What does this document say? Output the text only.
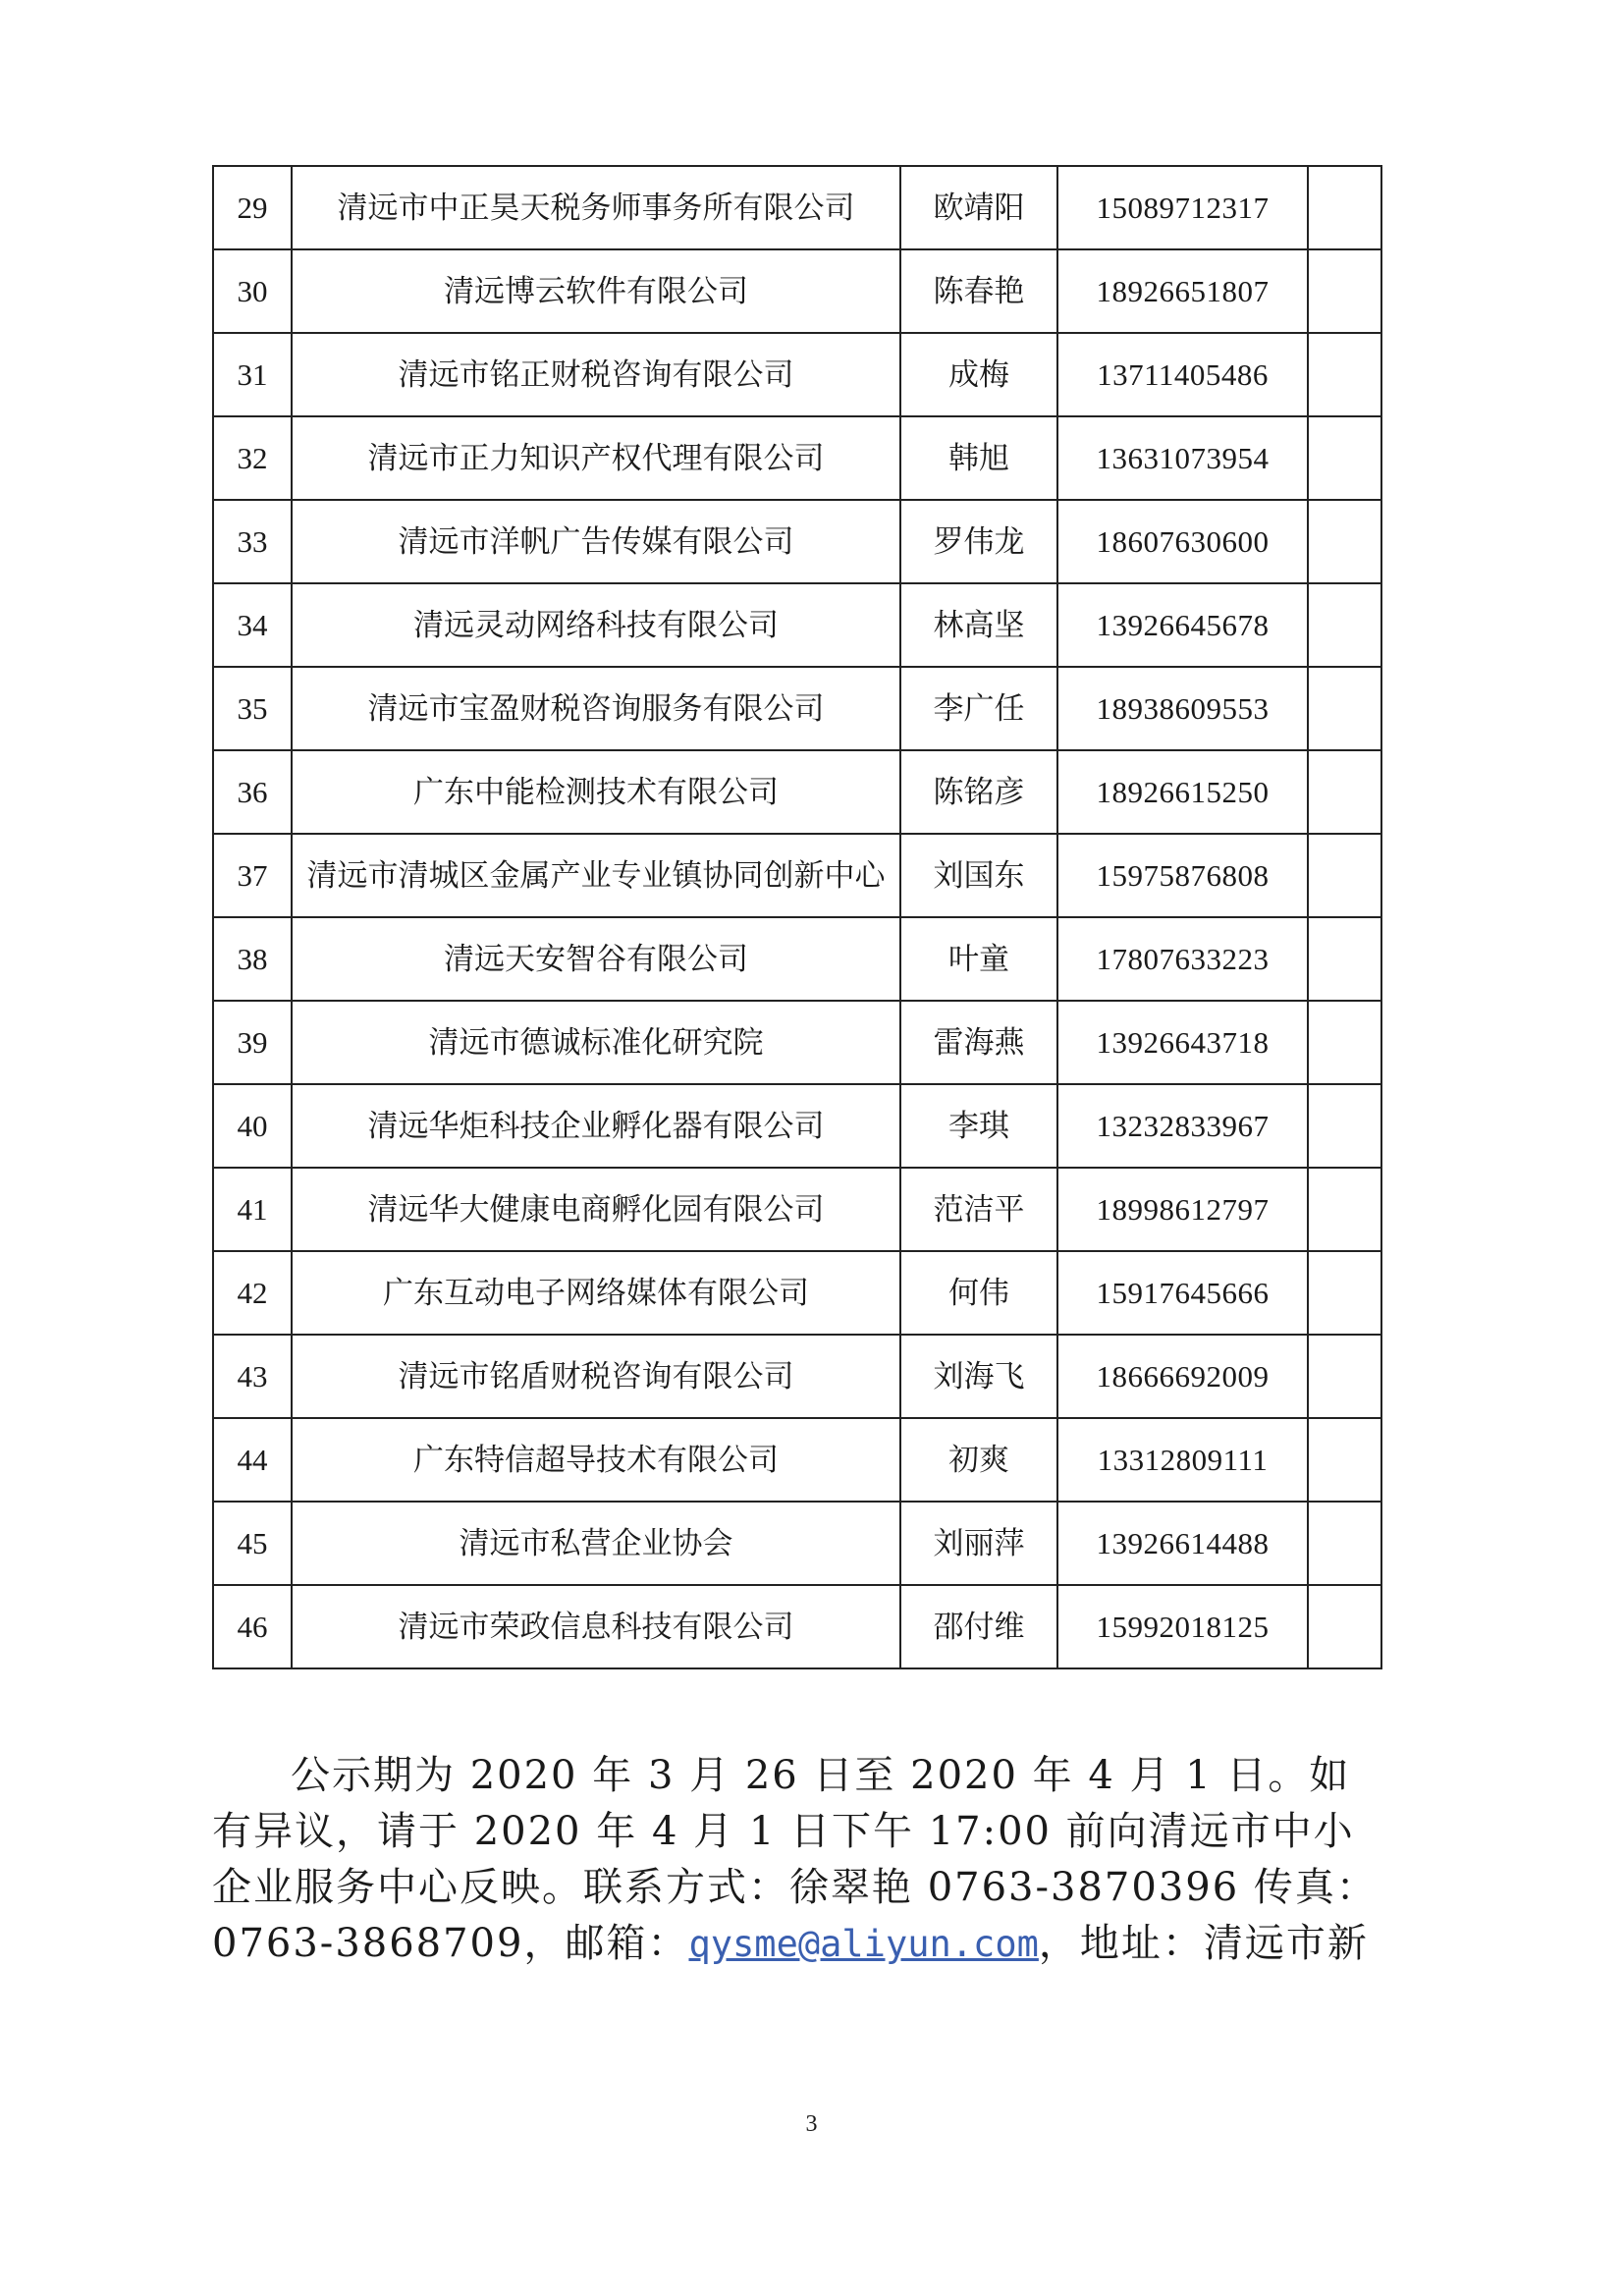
29	清远市中正昊天税务师事务所有限公司	欧靖阳	15089712317	
30	清远博云软件有限公司	陈春艳	18926651807	
31	清远市铭正财税咨询有限公司	成梅	13711405486	
32	清远市正力知识产权代理有限公司	韩旭	13631073954	
33	清远市洋帆广告传媒有限公司	罗伟龙	18607630600	
34	清远灵动网络科技有限公司	林高坚	13926645678	
35	清远市宝盈财税咨询服务有限公司	李广任	18938609553	
36	广东中能检测技术有限公司	陈铭彦	18926615250	
37	清远市清城区金属产业专业镇协同创新中心	刘国东	15975876808	
38	清远天安智谷有限公司	叶童	17807633223	
39	清远市德诚标准化研究院	雷海燕	13926643718	
40	清远华炬科技企业孵化器有限公司	李琪	13232833967	
41	清远华大健康电商孵化园有限公司	范洁平	18998612797	
42	广东互动电子网络媒体有限公司	何伟	15917645666	
43	清远市铭盾财税咨询有限公司	刘海飞	18666692009	
44	广东特信超导技术有限公司	初爽	13312809111	
45	清远市私营企业协会	刘丽萍	13926614488	
46	清远市荣政信息科技有限公司	邵付维	15992018125	

公示期为 2020 年 3 月 26 日至 2020 年 4 月 1 日。如有异议，请于 2020 年 4 月 1 日下午 17:00 前向清远市中小企业服务中心反映。联系方式：徐翠艳 0763-3870396 传真：0763-3868709，邮箱：qysme@aliyun.com，地址：清远市新

3
